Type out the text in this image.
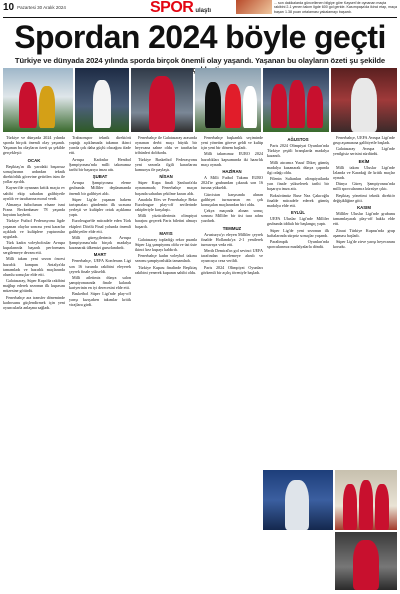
10 Pazartesi 30 Aralık 2024	SPOR ulaştı
... son dakikalarda güncellenen bilgiye göre Kayseri'de oynanan maçta rakibini 2-1 yenen takım ligde 600 gol geride. Kasımpaşa'da ikinci etap, maça başarı 1.38 puan ortalaması yakalamayı başardı.
Spordan 2024 böyle geçti
Türkiye ve dünyada 2024 yılında sporda birçok önemli olay yaşandı. Yaşanan bu olayların özeti şu şekilde

Türkiye ve dünyada 2024 yılında sporda birçok önemli olay yaşandı. Yaşanan bu olayların özeti şu şekilde gerçekleşti:

OCAK

Beşiktaş'ın ilk yarıdaki başarısız sonuçlarının ardından teknik direktörlük görevine getirilen isim ile yollar ayrıldı.

Kayseri'de oynanan kritik maçta ev sahibi ekip sahadan galibiyetle ayrıldı ve taraftarına moral verdi.

Almanya futbolunun efsane ismi Franz Beckenbauer 78 yaşında hayatını kaybetti.

Türkiye Futbol Federasyonu ligde yaşanan olaylar sonrası yeni kararlar açıkladı ve kulüplere yaptırımlar uyguladı.

Türk kadın voleybolcular Avrupa kupalarında başarılı performans sergilemeye devam etti.

Milli takım yeni sezon öncesi hazırlık kampını Antalya'da tamamladı ve hazırlık maçlarında olumlu sonuçlar elde etti.

Galatasaray, Süper Kupa'da rakibini mağlup ederek sezonun ilk kupasını müzesine götürdü.

Fenerbahçe ara transfer döneminde kadrosunu güçlendirmek için yeni oyuncularla anlaşma sağladı.

Trabzonspor teknik direktörü yaptığı açıklamada takımın ikinci yarıda çok daha güçlü olacağını ifade etti.

Avrupa Kadınlar Hentbol Şampiyonası'nda milli takımımız tarihi bir başarıya imza attı.

ŞUBAT

Avrupa Şampiyonası eleme grubunda Milliler deplasmanda önemli bir galibiyet aldı.

Süper Lig'de yaşanan hakem tartışmaları gündemin ilk sırasına yerleşti ve kulüpler ortak açıklama yaptı.

Euroleague'de mücadele eden Türk ekipleri Dörtlü Final yolunda önemli galibiyetler elde etti.

Milli güreşçilerimiz Avrupa Şampiyonası'nda birçok madalya kazanarak ülkemizi gururlandırdı.

MART

Fenerbahçe, UEFA Konferans Ligi son 16 turunda rakibini eleyerek çeyrek finale yükseldi.

Milli atletimiz dünya salon şampiyonasında finale kalarak kariyerinin en iyi derecesini elde etti.

Basketbol Süper Ligi'nde play-off yarışı kızışırken takımlar kritik virajlara girdi.

Fenerbahçe ile Galatasaray arasında oynanan derbi maçı büyük bir heyecana sahne oldu ve taraftarlar tribünleri doldurdu.

Türkiye Basketbol Federasyonu yeni sezonla ilgili kararlarını kamuoyu ile paylaştı.

NİSAN

Süper Kupa finali Şanlıurfa'da oynanamadı; Fenerbahçe maçın başında sahadan çekilme kararı aldı.

Anadolu Efes ve Fenerbahçe Beko Euroleague play-off serilerinde rakipleriyle karşılaştı.

Milli yüzücülerimiz olimpiyat barajını geçerek Paris biletini almayı başardı.

MAYIS

Galatasaray topladığı rekor puanla Süper Lig şampiyonu oldu ve üst üste ikinci kez kupayı kaldırdı.

Fenerbahçe kadın voleybol takımı sezonu şampiyonlukla tamamladı.

Türkiye Kupası finalinde Beşiktaş rakibini yenerek kupanın sahibi oldu.

Fenerbahçe başkanlık seçiminde yeni yönetim göreve geldi ve kulüp için yeni bir dönem başladı.

Milli takımımız EURO 2024 hazırlıkları kapsamında iki hazırlık maçı oynadı.

HAZİRAN

A Milli Futbol Takımı EURO 2024'te grubundan çıkarak son 16 turuna yükseldi.

Gürcistan karşısında alınan galibiyet turnuvanın en çok konuşulan maçlarından biri oldu.

Çekya maçında alınan sonuç sonrası Milliler bir üst tura adını yazdırdı.

TEMMUZ

Avusturya'yı eleyen Milliler çeyrek finalde Hollanda'ya 2-1 yenilerek turnuvaya veda etti.

Merih Demiral'ın gol sevinci UEFA tarafından incelemeye alındı ve oyuncuya ceza verildi.

Paris 2024 Olimpiyat Oyunları görkemli bir açılış töreniyle başladı.

AĞUSTOS

Paris 2024 Olimpiyat Oyunları'nda Türkiye çeşitli branşlarda madalya kazandı.

Milli atıcımız Yusuf Dikeç gümüş madalya kazanarak dünya çapında ilgi odağı oldu.

Filenin Sultanları olimpiyatlarda yarı finale yükselerek tarihi bir başarıya imza attı.

Boksörümüz Buse Naz Çakıroğlu finalde mücadele ederek gümüş madalya elde etti.

EYLÜL

UEFA Uluslar Ligi'nde Milliler grubunda iddialı bir başlangıç yaptı.

Süper Lig'de yeni sezonun ilk haftalarında sürpriz sonuçlar yaşandı.

Paralimpik Oyunları'nda sporcularımız madalyalarla döndü.

Fenerbahçe, UEFA Avrupa Ligi'nde grup aşamasına galibiyetle başladı.

Galatasaray Avrupa Ligi'nde yenilgisiz serisini sürdürdü.

EKİM

Milli takım Uluslar Ligi'nde İzlanda ve Karadağ ile kritik maçlar oynadı.

Dünya Güreş Şampiyonası'nda milli sporcularımız kürsüye çıktı.

Beşiktaş yönetimi teknik direktör değişikliğine gitti.

KASIM

Milliler Uluslar Ligi'nde grubunu tamamlayarak play-off hakkı elde etti.

Ziraat Türkiye Kupası'nda grup aşaması başladı.

Süper Lig'de zirve yarışı heyecanını korudu.
